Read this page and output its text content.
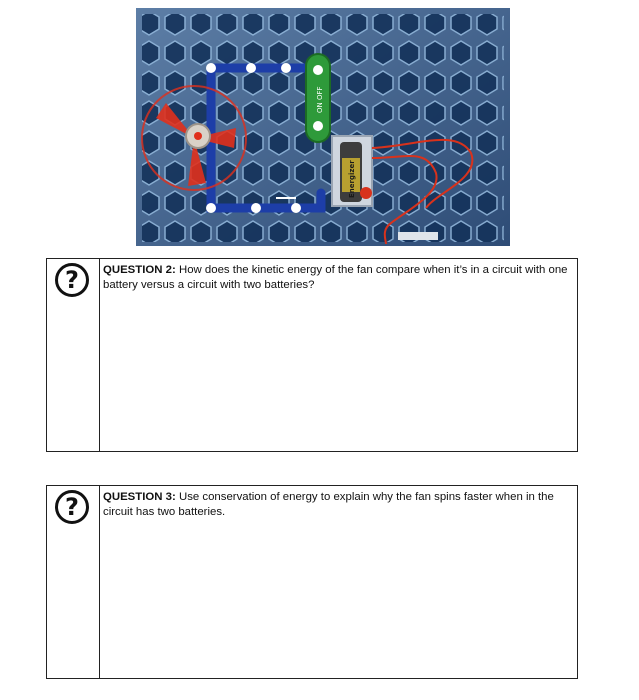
ON OFF
Energizer
?	QUESTION 2: How does the kinetic energy of the fan compare when it’s in a circuit with one battery versus a circuit with two batteries?
?	QUESTION 3: Use conservation of energy to explain why the fan spins faster when in the circuit has two batteries.
